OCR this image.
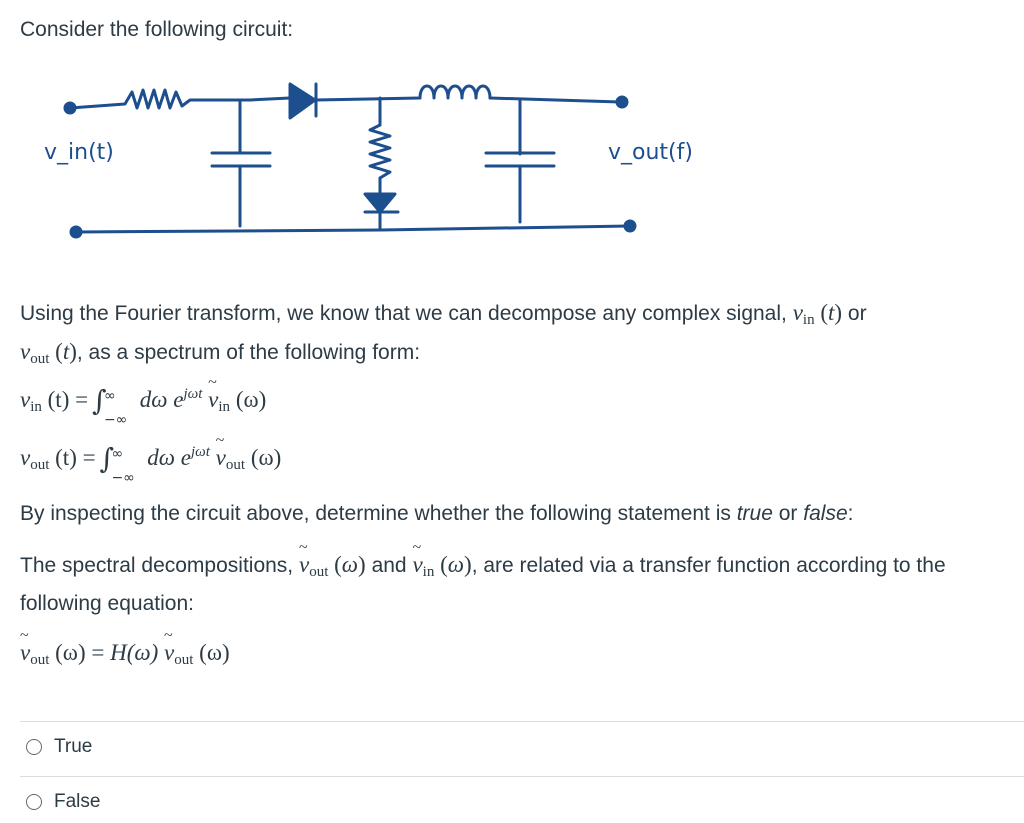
Consider the following circuit:

v_in(t)	v_out(f)

Using the Fourier transform, we know that we can decompose any complex signal, vin (t) or
vout (t), as a spectrum of the following form:

vin (t) = ∫
∞
−∞
dω $e^{j\omega t}$ ~ vin (ω)
vout (t) = ∫
∞
−∞
dω $e^{j\omega t}$ ~ vout (ω)

By inspecting the circuit above, determine whether the following statement is true or false:

The spectral decompositions, ~ vout (ω) and ~ vin (ω), are related via a transfer function according to the following equation:

~ vout (ω) = H(ω) ~ vout (ω)
True
False
